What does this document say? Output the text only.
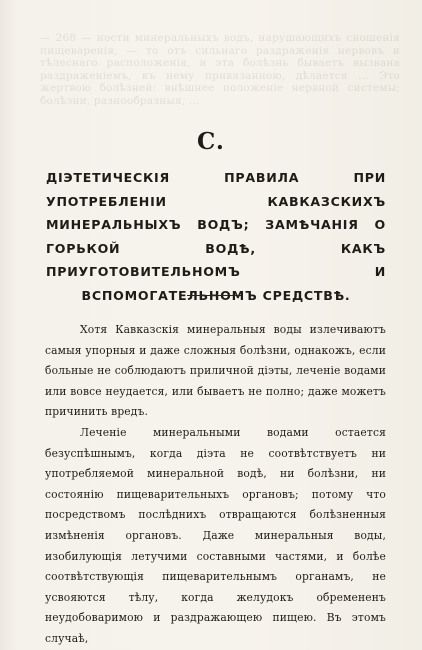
— 268 — ности минеральныхъ водъ, нарушающихъ сношенія пищеваренія, — то отъ сильнаго раздраженія нервовъ и тѣлеснаго расположенія, и эта болѣзнь бываетъ вызвана раздраженіемъ, къ нему привязанною, дѣлается ... Это жертвою болѣзней: внѣшнее положеніе нервной системы; болѣзни, разнообразныя, ...
C.
ДІЭТЕТИЧЕСКІЯ ПРАВИЛА ПРИ УПОТРЕБЛЕНІИ КАВКАЗСКИХЪ МИНЕРАЛЬНЫХЪ ВОДЪ; ЗАМѢЧАНІЯ О ГОРЬКОЙ ВОДѢ, КАКЪ ПРИУГОТОВИТЕЛЬНОМЪ И ВСПОМОГАТЕЛЬНОМЪ СРЕДСТВѢ.

Хотя Кавказскія минеральныя воды излечиваютъ самыя упорныя и даже сложныя болѣзни, однакожъ, если больные не соблюдаютъ приличной діэты, леченіе водами или вовсе неудается, или бываетъ не полно; даже можетъ причинить вредъ.

Леченіе минеральными водами остается безуспѣшнымъ, когда діэта не соотвѣтствуетъ ни употребляемой минеральной водѣ, ни болѣзни, ни состоянію пищеварительныхъ органовъ; потому что посредствомъ послѣднихъ отвращаются болѣзненныя измѣненія органовъ. Даже минеральныя воды, изобилующія летучими составными частями, и болѣе соотвѣтствующія пищеварительнымъ органамъ, не усвояются тѣлу, когда желудокъ обремененъ неудобоваримою и раздражающею пищею. Въ этомъ случаѣ,
